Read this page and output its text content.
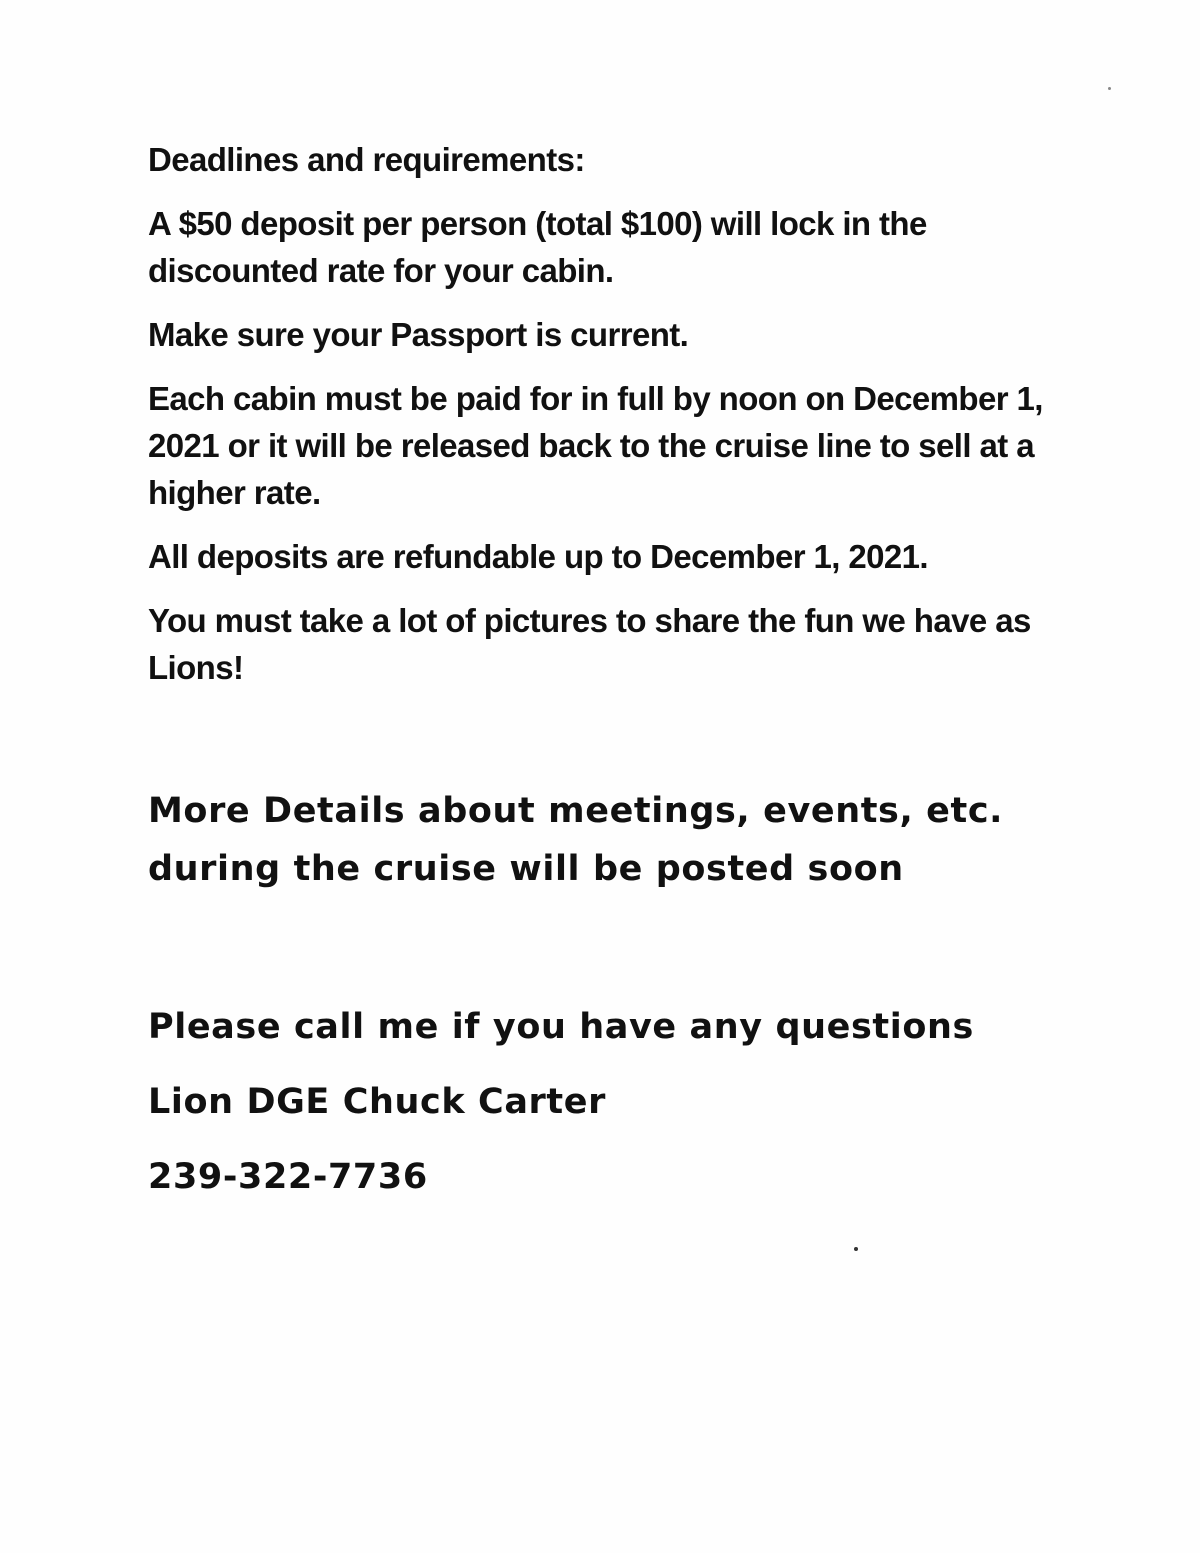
Deadlines and requirements:

A $50 deposit per person (total $100) will lock in the discounted rate for your cabin.

Make sure your Passport is current.

Each cabin must be paid for in full by noon on December 1, 2021 or it will be released back to the cruise line to sell at a higher rate.

All deposits are refundable up to December 1, 2021.

You must take a lot of pictures to share the fun we have as Lions!

More Details about meetings, events, etc.

during the cruise will be posted soon

Please call me if you have any questions

Lion DGE Chuck Carter

239-322-7736
